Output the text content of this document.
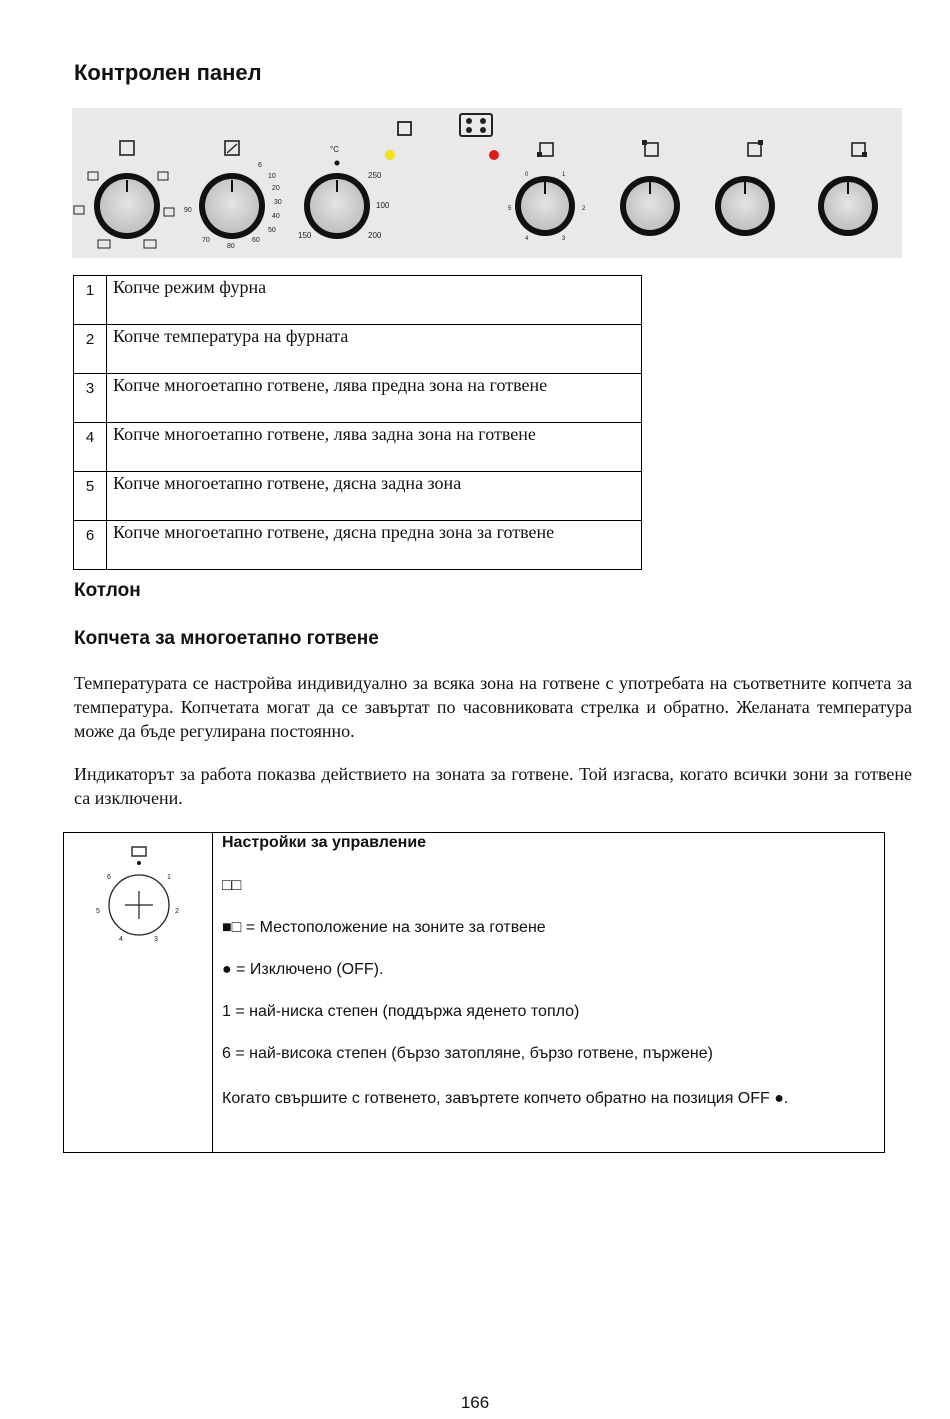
Контролен панел
6
10
20
30
40
50
60
70
80
90
°C
250
100
200
150
0	1
2
3
4
5
1	Копче режим фурна
2	Копче температура на фурната
3	Копче многоетапно готвене, лява предна зона на готвене
4	Копче многоетапно готвене, лява задна зона на готвене
5	Копче многоетапно готвене, дясна задна зона
6	Копче многоетапно готвене, дясна предна зона за готвене
Котлон
Копчета за многоетапно готвене

Температурата се настройва индивидуално за всяка зона на готвене с употребата на съответните копчета за температура. Копчетата могат да се завъртат по часовниковата стрелка и обратно. Желаната температура може да бъде регулирана постоянно.

Индикаторът за работа показва действието на зоната за готвене. Той изгасва, когато всички зони за готвене са изключени.

6	1
2
3
4
5
Настройки за управление
□□
■□ = Местоположение на зоните за готвене
● = Изключено (OFF).
1 = най-ниска степен (поддържа яденето топло)
6 = най-висока степен (бързо затопляне, бързо готвене, пържене)
Когато свършите с готвенето, завъртете копчето обратно на позиция OFF ●.
166
